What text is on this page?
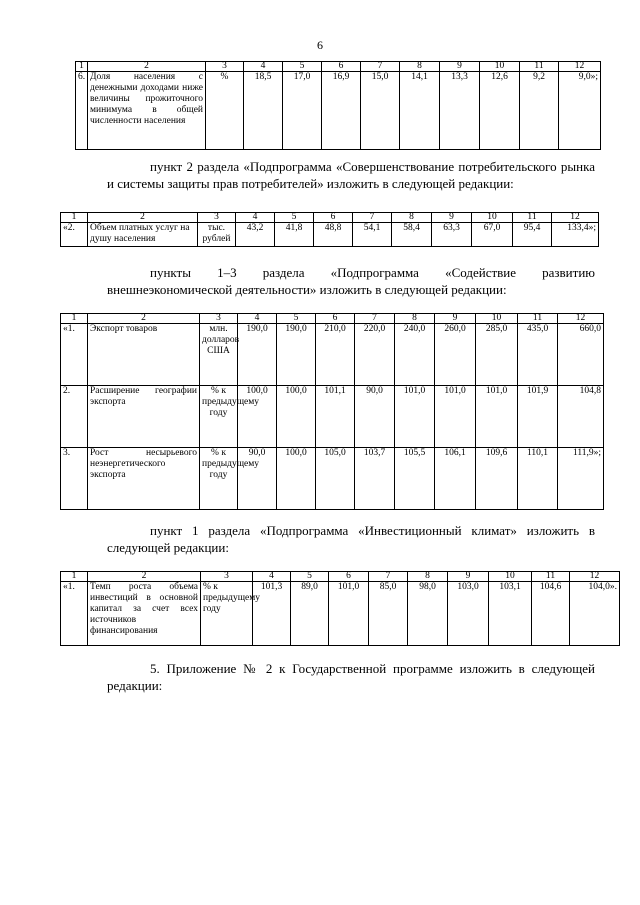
6
1	2	3	4	5	6	7	8	9	10	11	12
6.	Доля населения с денежными доходами ниже величины прожиточного минимума в общей численности населения	%	18,5	17,0	16,9	15,0	14,1	13,3	12,6	9,2	9,0»;

пункт 2 раздела «Подпрограмма «Совершенствование потребительского рынка и системы защиты прав потребителей» изложить в следующей редакции:

1	2	3	4	5	6	7	8	9	10	11	12
«2.	Объем платных услуг на душу населения	тыс. рублей	43,2	41,8	48,8	54,1	58,4	63,3	67,0	95,4	133,4»;

пункты 1–3 раздела «Подпрограмма «Содействие развитию внешнеэкономической деятельности» изложить в следующей редакции:

1	2	3	4	5	6	7	8	9	10	11	12
«1.	Экспорт товаров	млн. долларов США	190,0	190,0	210,0	220,0	240,0	260,0	285,0	435,0	660,0
2.	Расширение географии экспорта	% к предыдущему году	100,0	100,0	101,1	90,0	101,0	101,0	101,0	101,9	104,8
3.	Рост несырьевого неэнергетического экспорта	% к предыдущему году	90,0	100,0	105,0	103,7	105,5	106,1	109,6	110,1	111,9»;

пункт 1 раздела «Подпрограмма «Инвестиционный климат» изложить в следующей редакции:

1	2	3	4	5	6	7	8	9	10	11	12
«1.	Темп роста объема инвестиций в основной капитал за счет всех источников финансирования	% к предыдущему году	101,3	89,0	101,0	85,0	98,0	103,0	103,1	104,6	104,0».

5. Приложение № 2 к Государственной программе изложить в следующей редакции:
